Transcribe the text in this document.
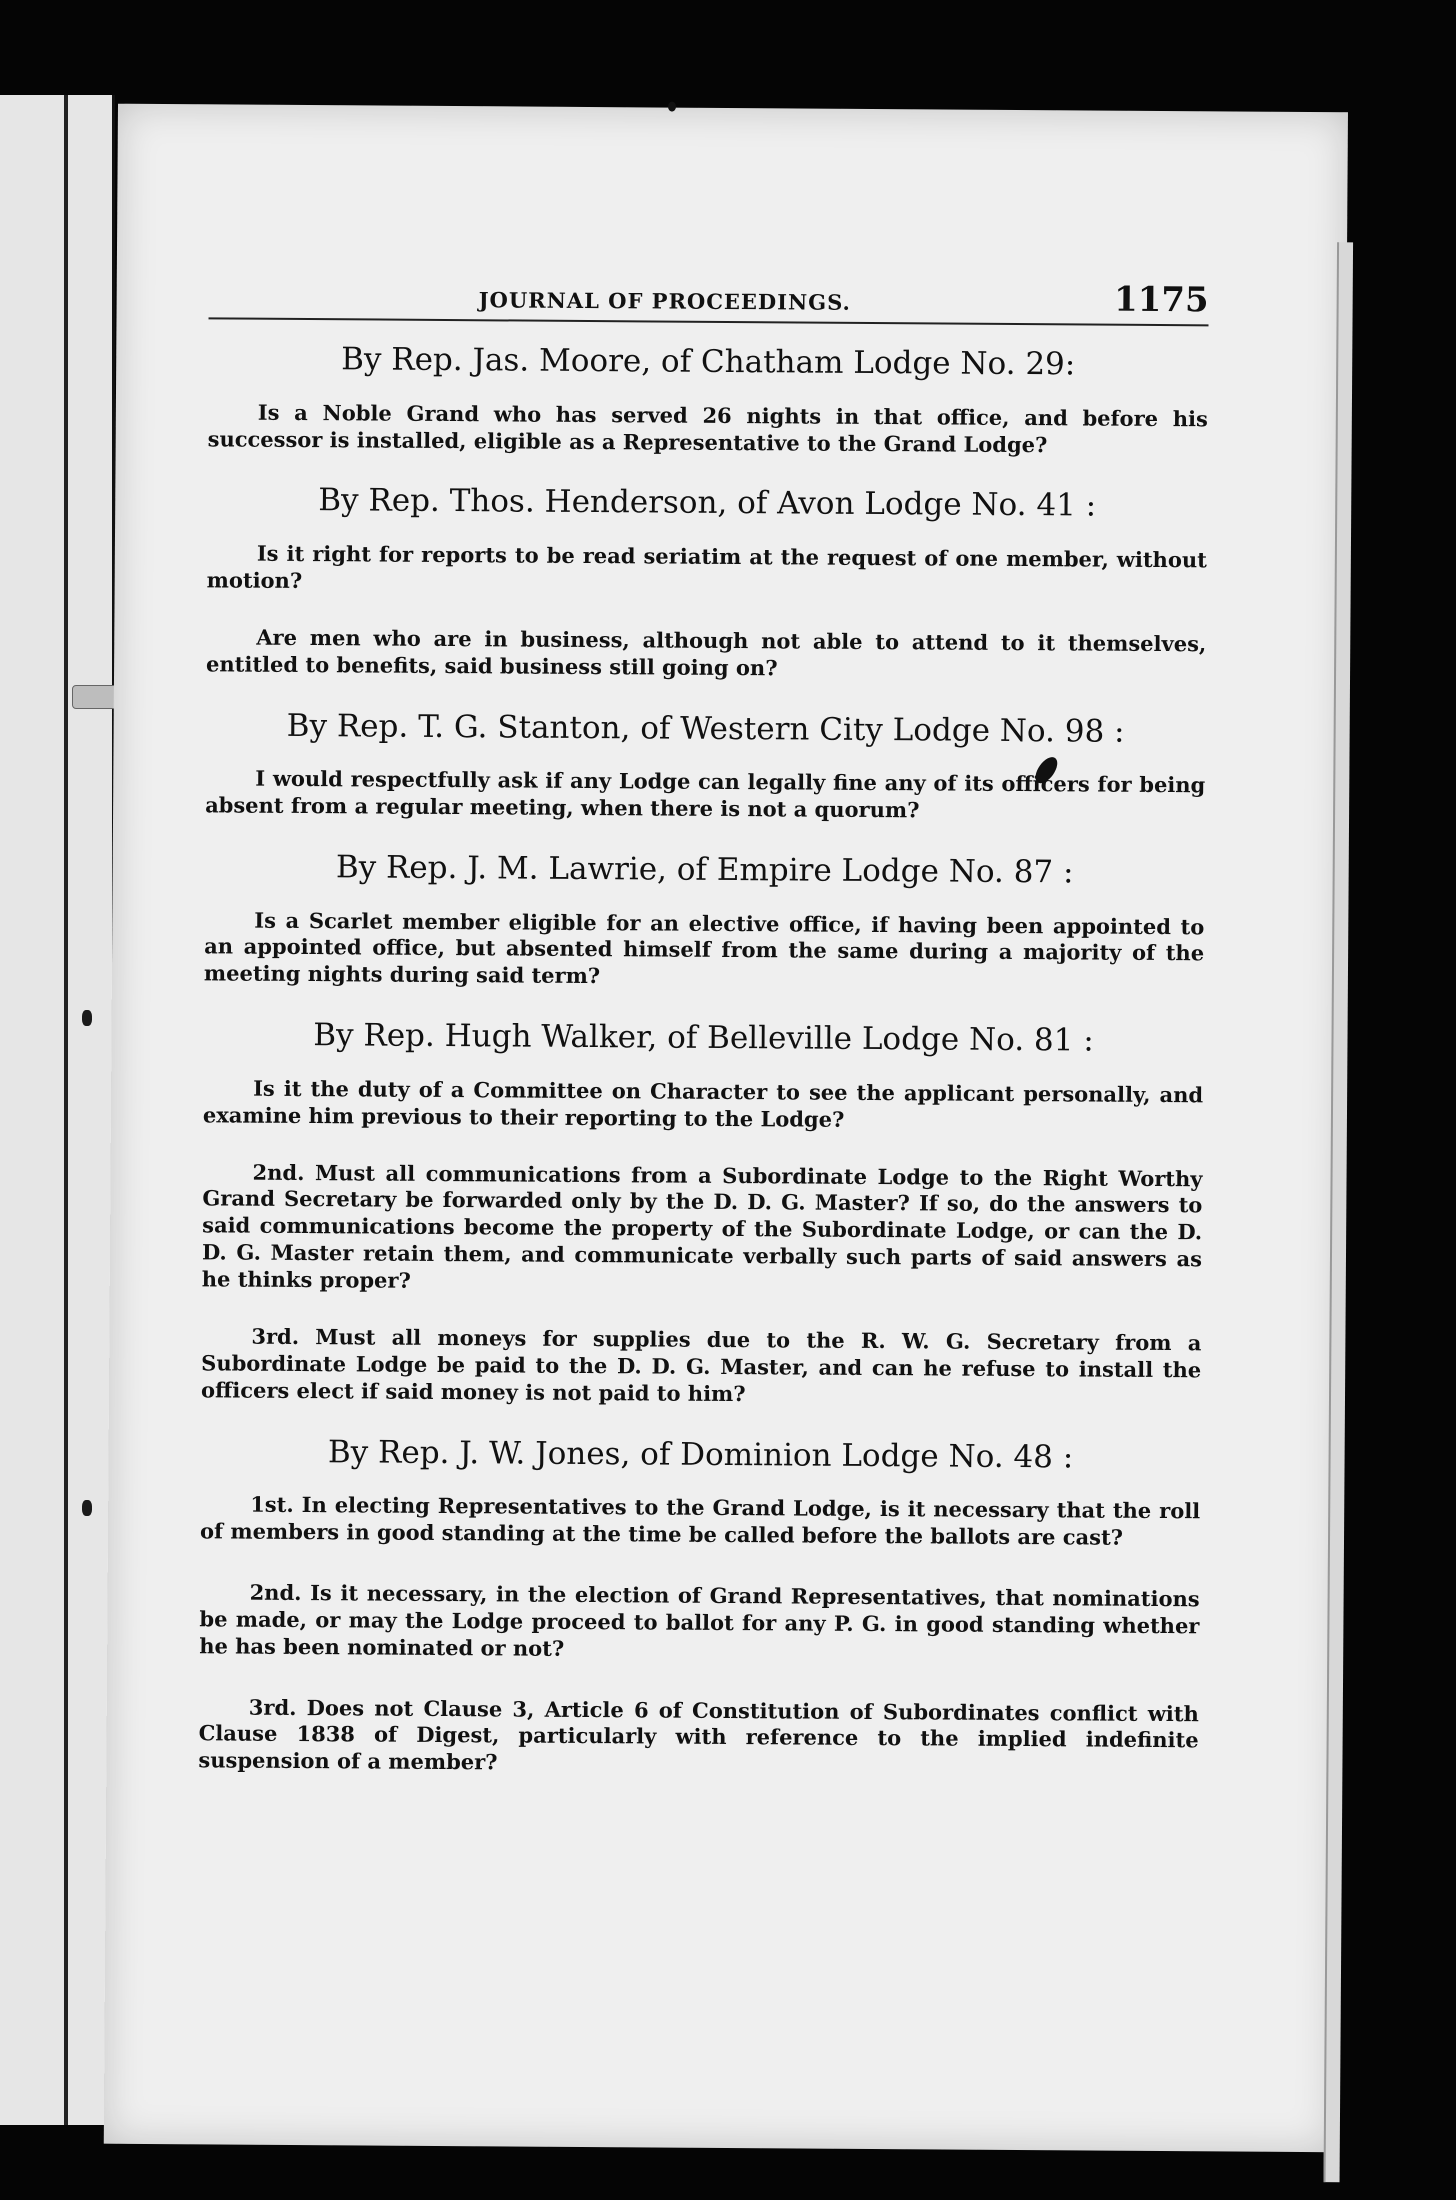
JOURNAL OF PROCEEDINGS.	1175
By Rep. Jas. Moore, of Chatham Lodge No. 29:

Is a Noble Grand who has served 26 nights in that office, and before his successor is installed, eligible as a Representative to the Grand Lodge?

By Rep. Thos. Henderson, of Avon Lodge No. 41 :

Is it right for reports to be read seriatim at the request of one member, without motion?

Are men who are in business, although not able to attend to it themselves, entitled to benefits, said business still going on?

By Rep. T. G. Stanton, of Western City Lodge No. 98 :

I would respectfully ask if any Lodge can legally fine any of its officers for being absent from a regular meeting, when there is not a quorum?

By Rep. J. M. Lawrie, of Empire Lodge No. 87 :

Is a Scarlet member eligible for an elective office, if having been appointed to an appointed office, but absented himself from the same during a majority of the meeting nights during said term?

By Rep. Hugh Walker, of Belleville Lodge No. 81 :

Is it the duty of a Committee on Character to see the applicant personally, and examine him previous to their reporting to the Lodge?

2nd. Must all communications from a Subordinate Lodge to the Right Worthy Grand Secretary be forwarded only by the D. D. G. Master? If so, do the answers to said communications become the property of the Subordinate Lodge, or can the D. D. G. Master retain them, and communicate verbally such parts of said answers as he thinks proper?

3rd. Must all moneys for supplies due to the R. W. G. Secretary from a Subordinate Lodge be paid to the D. D. G. Master, and can he refuse to install the officers elect if said money is not paid to him?

By Rep. J. W. Jones, of Dominion Lodge No. 48 :

1st. In electing Representatives to the Grand Lodge, is it necessary that the roll of members in good standing at the time be called before the ballots are cast?

2nd. Is it necessary, in the election of Grand Representatives, that nominations be made, or may the Lodge proceed to ballot for any P. G. in good standing whether he has been nominated or not?

3rd. Does not Clause 3, Article 6 of Constitution of Subordinates conflict with Clause 1838 of Digest, particularly with reference to the implied indefinite suspension of a member?
